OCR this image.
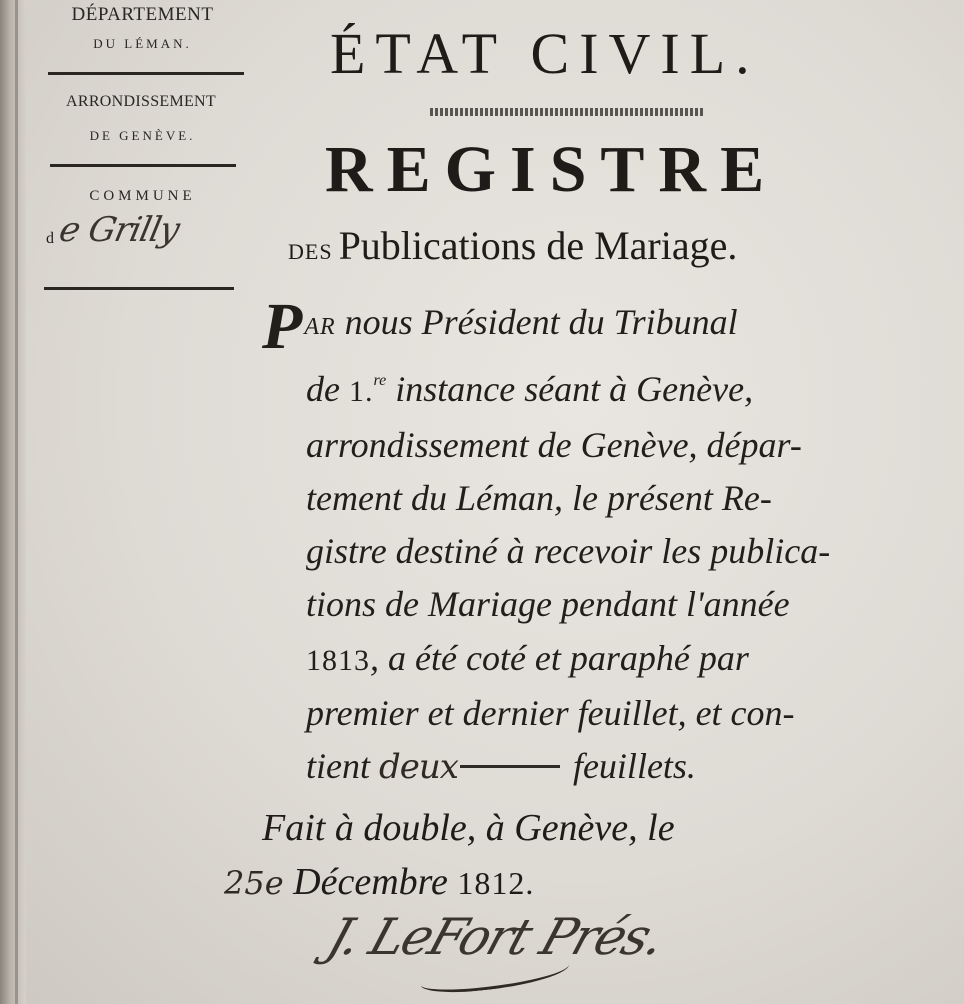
DÉPARTEMENT
DU LÉMAN.
ARRONDISSEMENT
DE GENÈVE.
COMMUNE
d e Grilly
ÉTAT CIVIL.
REGISTRE
DES Publications de Mariage.
PAR nous Président du Tribunal
de 1.$^{re}$ instance séant à Genève,
arrondissement de Genève, dépar-
tement du Léman, le présent Re-
gistre destiné à recevoir les publica-
tions de Mariage pendant l'année
1813, a été coté et paraphé par
premier et dernier feuillet, et con-
tient deux	feuillets.
Fait à double, à Genève, le
25e Décembre 1812.
J. LeFort Prés.
